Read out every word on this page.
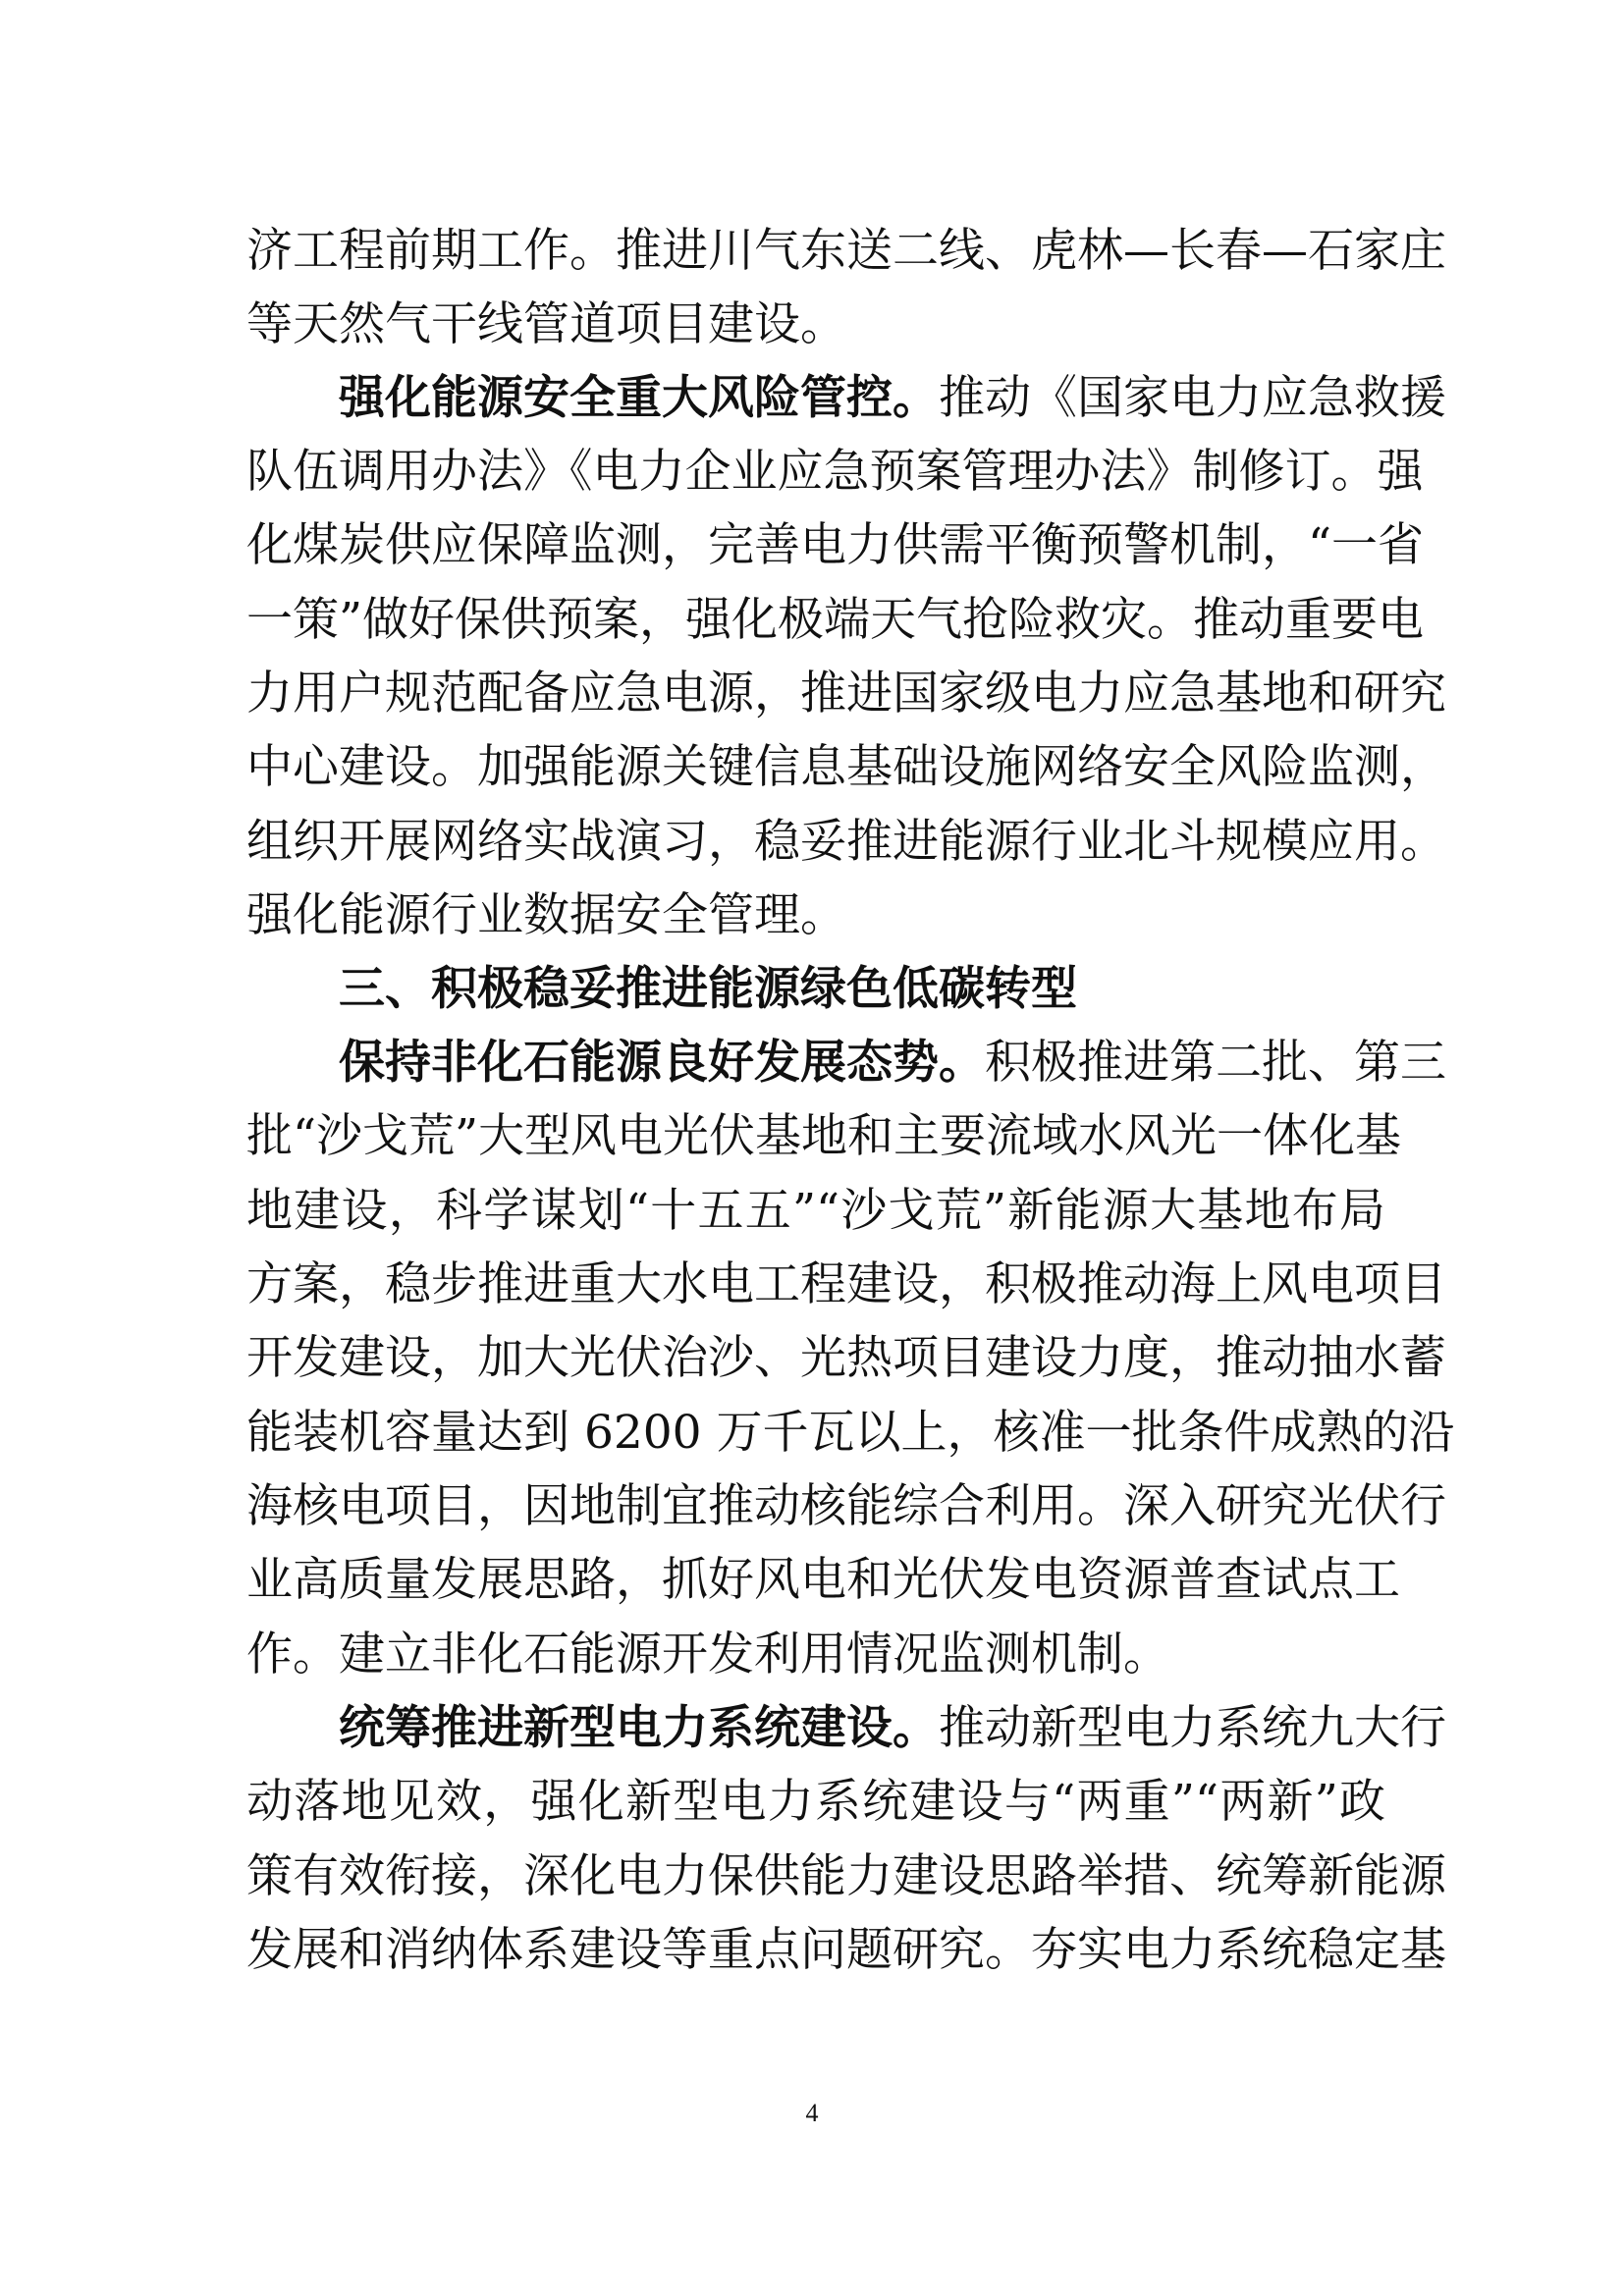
济工程前期工作。推进川气东送二线、虎林—长春—石家庄
等天然气干线管道项目建设。
强化能源安全重大风险管控。推动《国家电力应急救援
队伍调用办法》《电力企业应急预案管理办法》制修订。强
化煤炭供应保障监测，完善电力供需平衡预警机制，“一省
一策”做好保供预案，强化极端天气抢险救灾。推动重要电
力用户规范配备应急电源，推进国家级电力应急基地和研究
中心建设。加强能源关键信息基础设施网络安全风险监测，
组织开展网络实战演习，稳妥推进能源行业北斗规模应用。
强化能源行业数据安全管理。
三、积极稳妥推进能源绿色低碳转型
保持非化石能源良好发展态势。积极推进第二批、第三
批“沙戈荒”大型风电光伏基地和主要流域水风光一体化基
地建设，科学谋划“十五五”“沙戈荒”新能源大基地布局
方案，稳步推进重大水电工程建设，积极推动海上风电项目
开发建设，加大光伏治沙、光热项目建设力度，推动抽水蓄
能装机容量达到 6200 万千瓦以上，核准一批条件成熟的沿
海核电项目，因地制宜推动核能综合利用。深入研究光伏行
业高质量发展思路，抓好风电和光伏发电资源普查试点工
作。建立非化石能源开发利用情况监测机制。
统筹推进新型电力系统建设。推动新型电力系统九大行
动落地见效，强化新型电力系统建设与“两重”“两新”政
策有效衔接，深化电力保供能力建设思路举措、统筹新能源
发展和消纳体系建设等重点问题研究。夯实电力系统稳定基
4
